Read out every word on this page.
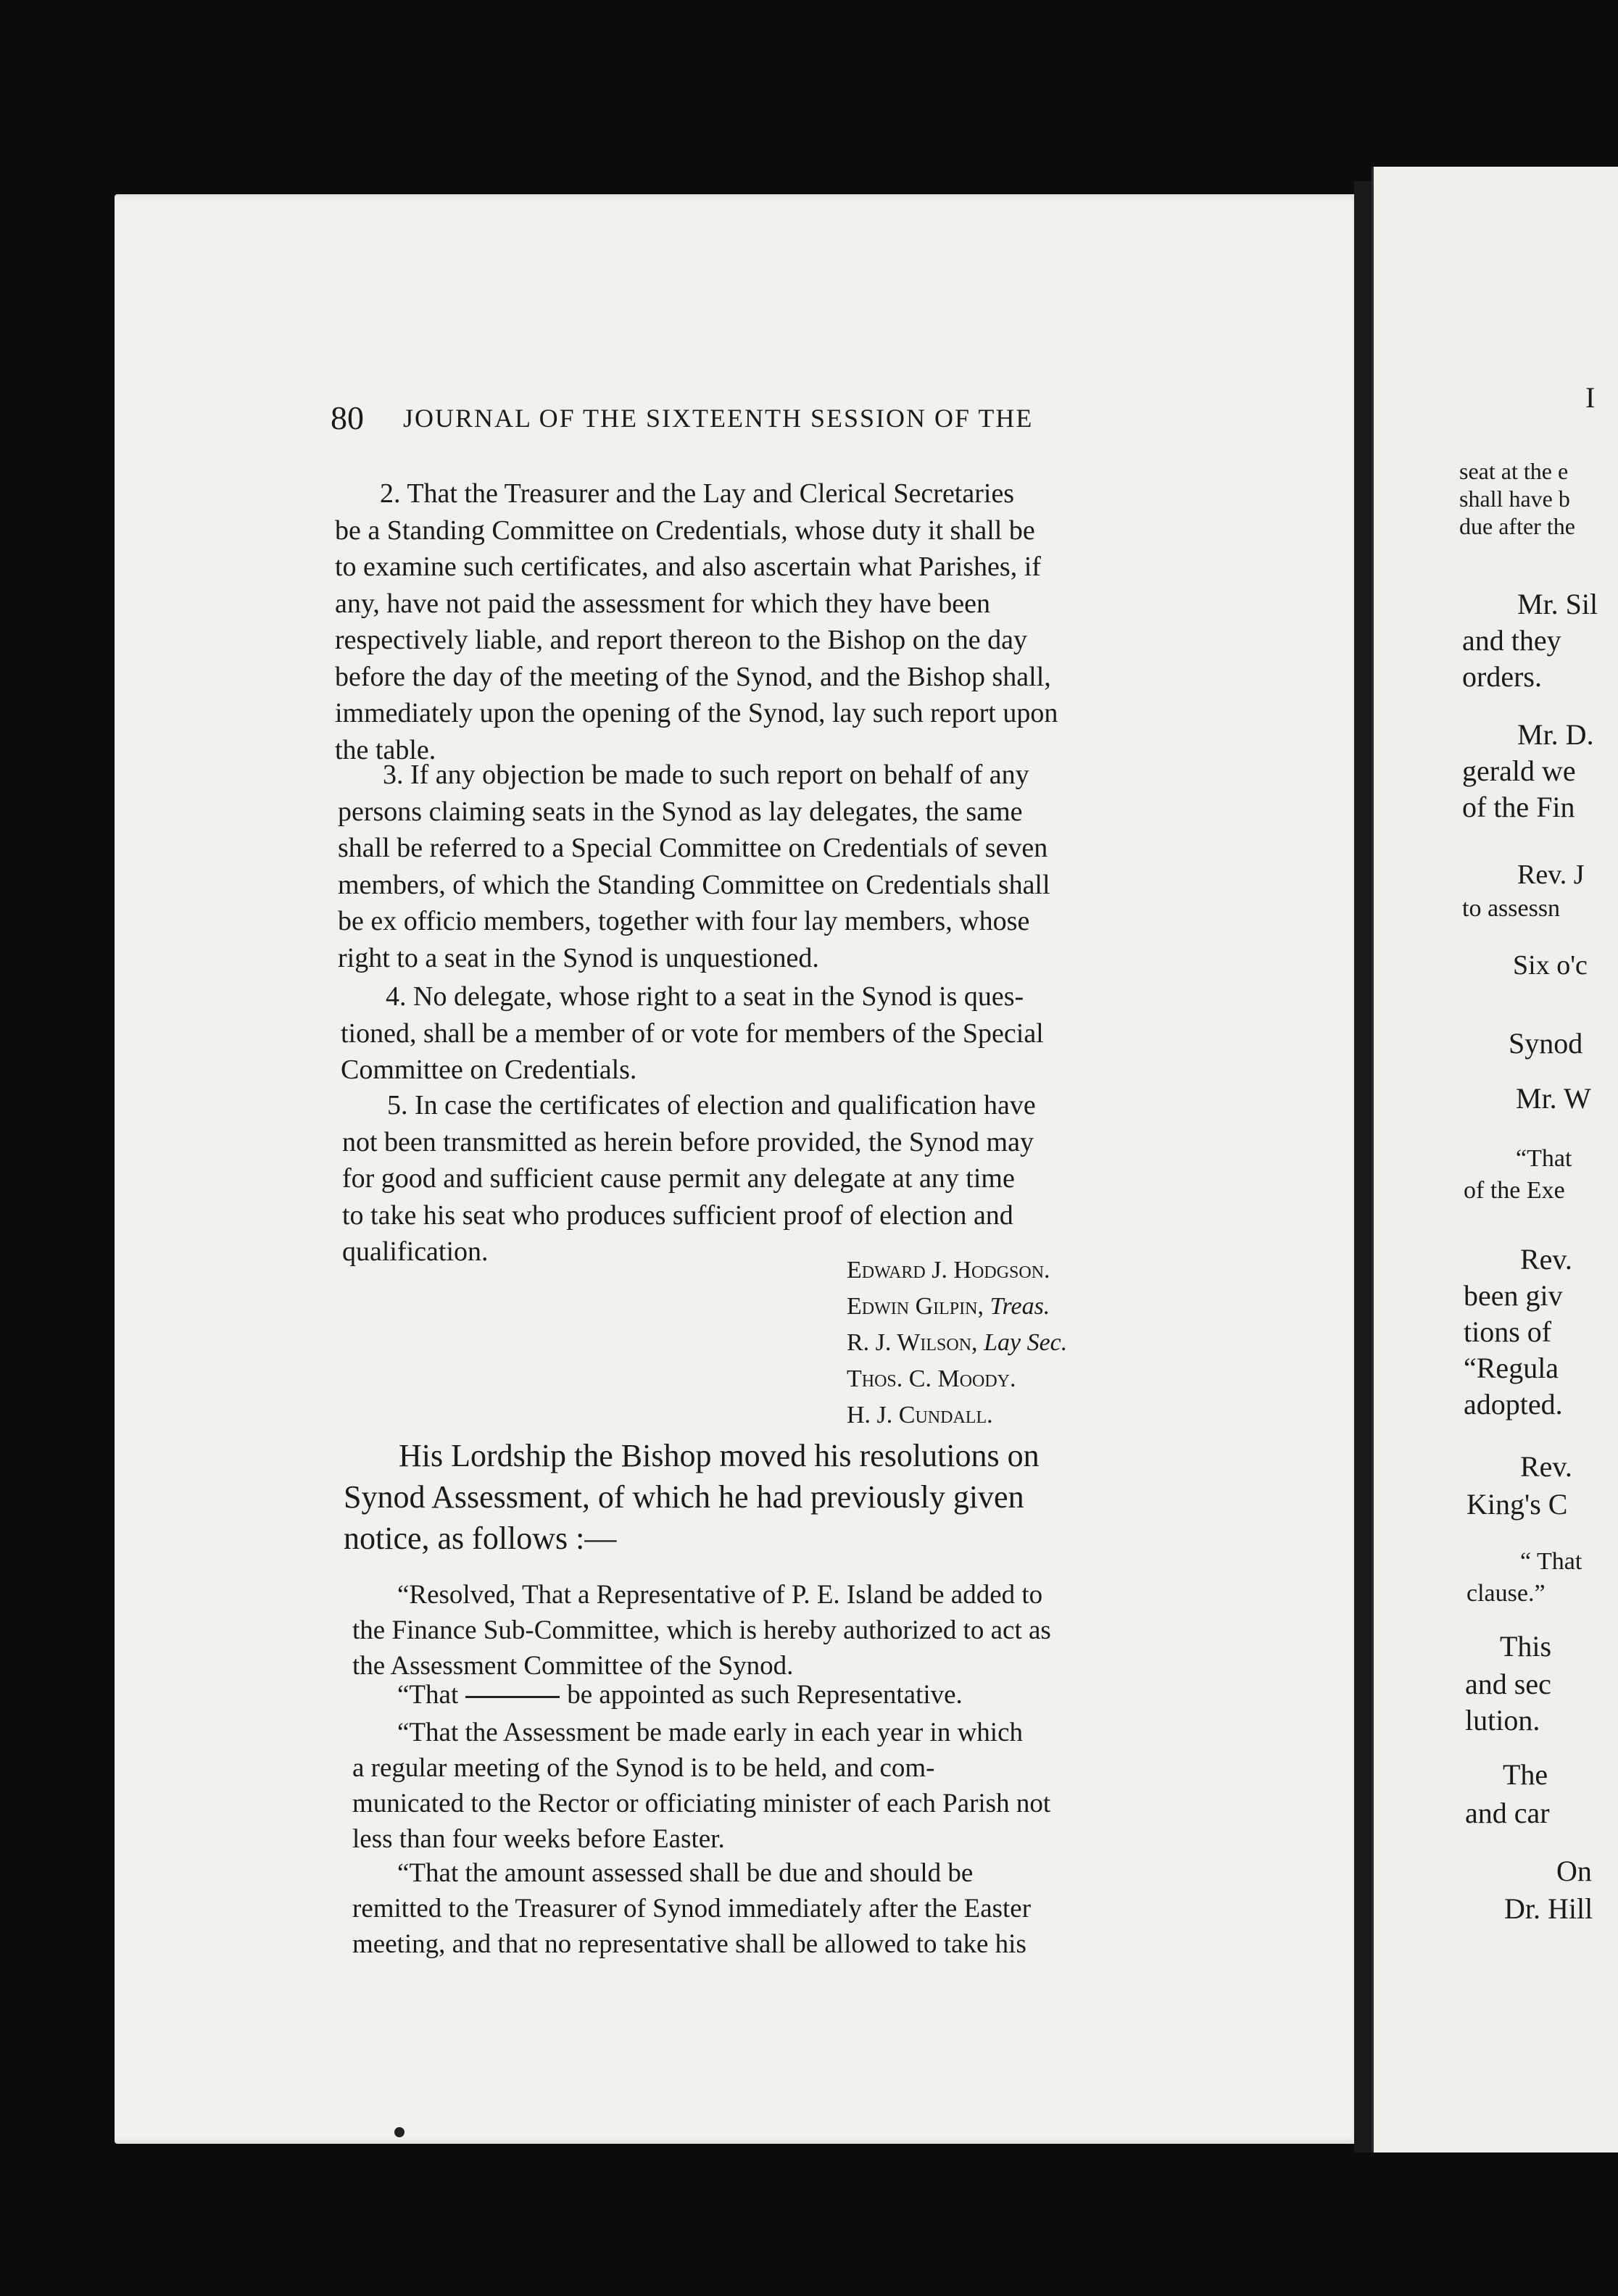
I
seat at the e
shall have b
due after the
Mr. Sil
and they
orders.
Mr. D.
gerald we
of the Fin
Rev. J
to assessn
Six o'c
Synod
Mr. W
“That
of the Exe
Rev.
been giv
tions of
“Regula
adopted.
Rev.
King's C
“ That
clause.”
This
and sec
lution.
The
and car
On
Dr. Hill
80 JOURNAL OF THE SIXTEENTH SESSION OF THE
2. That the Treasurer and the Lay and Clerical Secretaries
be a Standing Committee on Credentials, whose duty it shall be
to examine such certificates, and also ascertain what Parishes, if
any, have not paid the assessment for which they have been
respectively liable, and report thereon to the Bishop on the day
before the day of the meeting of the Synod, and the Bishop shall,
immediately upon the opening of the Synod, lay such report upon
the table.
3. If any objection be made to such report on behalf of any
persons claiming seats in the Synod as lay delegates, the same
shall be referred to a Special Committee on Credentials of seven
members, of which the Standing Committee on Credentials shall
be ex officio members, together with four lay members, whose
right to a seat in the Synod is unquestioned.
4. No delegate, whose right to a seat in the Synod is ques-
tioned, shall be a member of or vote for members of the Special
Committee on Credentials.
5. In case the certificates of election and qualification have
not been transmitted as herein before provided, the Synod may
for good and sufficient cause permit any delegate at any time
to take his seat who produces sufficient proof of election and
qualification.
Edward J. Hodgson.
Edwin Gilpin, Treas.
R. J. Wilson, Lay Sec.
Thos. C. Moody.
H. J. Cundall.
His Lordship the Bishop moved his resolutions on
Synod Assessment, of which he had previously given
notice, as follows :—
“Resolved, That a Representative of P. E. Island be added to
the Finance Sub-Committee, which is hereby authorized to act as
the Assessment Committee of the Synod.
“That	be appointed as such Representative.
“That the Assessment be made early in each year in which
a regular meeting of the Synod is to be held, and com-
municated to the Rector or officiating minister of each Parish not
less than four weeks before Easter.
“That the amount assessed shall be due and should be
remitted to the Treasurer of Synod immediately after the Easter
meeting, and that no representative shall be allowed to take his
